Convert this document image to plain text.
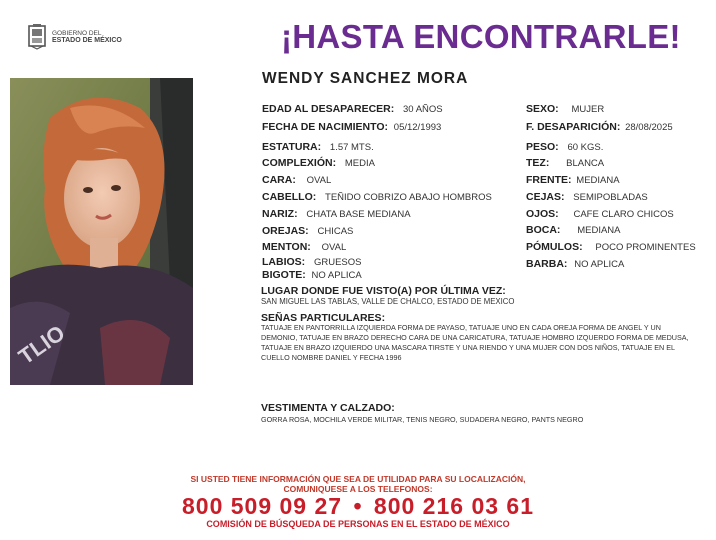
GOBIERNO DEL
ESTADO DE MÉXICO	¡HASTA ENCONTRARLE!
TLIO
WENDY SANCHEZ MORA
EDAD AL DESAPARECER: 30 AÑOS
FECHA DE NACIMIENTO: 05/12/1993
ESTATURA: 1.57 MTS.
COMPLEXIÓN: MEDIA
CARA: OVAL
CABELLO: TEÑIDO COBRIZO ABAJO HOMBROS
NARIZ: CHATA BASE MEDIANA
OREJAS: CHICAS
MENTON: OVAL
LABIOS: GRUESOS
BIGOTE: NO APLICA
SEXO: MUJER
F. DESAPARICIÓN: 28/08/2025
PESO: 60 KGS.
TEZ: BLANCA
FRENTE: MEDIANA
CEJAS: SEMIPOBLADAS
OJOS: CAFE CLARO CHICOS
BOCA: MEDIANA
PÓMULOS: POCO PROMINENTES
BARBA: NO APLICA
LUGAR DONDE FUE VISTO(A) POR ÚLTIMA VEZ:
SAN MIGUEL LAS TABLAS, VALLE DE CHALCO, ESTADO DE MEXICO
SEÑAS PARTICULARES:
TATUAJE EN PANTORRILLA IZQUIERDA FORMA DE PAYASO, TATUAJE UNO EN CADA OREJA FORMA DE ANGEL Y UN DEMONIO, TATUAJE EN BRAZO DERECHO CARA DE UNA CARICATURA, TATUAJE HOMBRO IZQUERDO FORMA DE MEDUSA, TATUAJE EN BRAZO IZQUIERDO UNA MASCARA TIRSTE Y UNA RIENDO Y UNA MUJER CON DOS NIÑOS, TATUAJE EN EL CUELLO NOMBRE DANIEL Y FECHA 1996
VESTIMENTA Y CALZADO:
GORRA ROSA, MOCHILA VERDE MILITAR, TENIS NEGRO, SUDADERA NEGRO, PANTS NEGRO
SI USTED TIENE INFORMACIÓN QUE SEA DE UTILIDAD PARA SU LOCALIZACIÓN,
COMUNIQUESE A LOS TELEFONOS:
800 509 09 27 • 800 216 03 61
COMISIÓN DE BÚSQUEDA DE PERSONAS EN EL ESTADO DE MÉXICO
